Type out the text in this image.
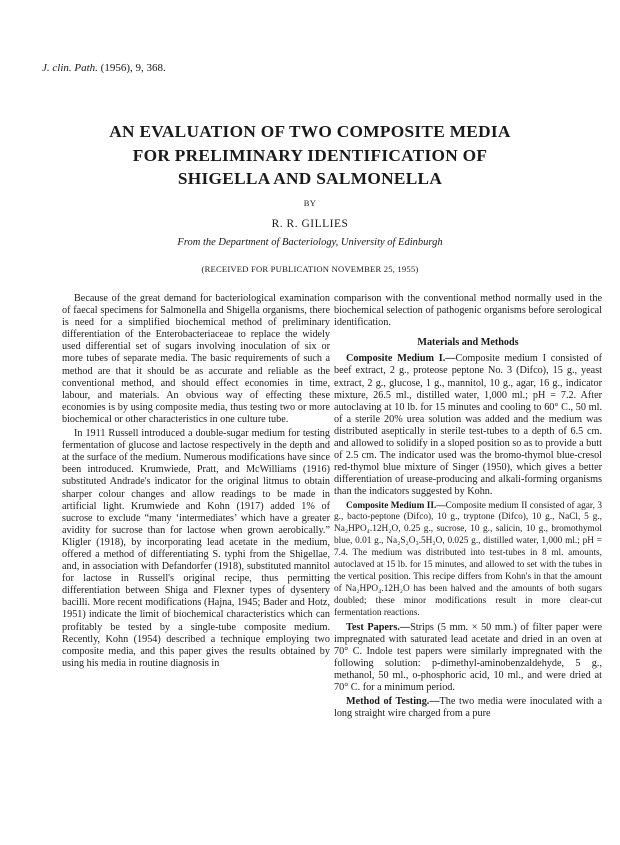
J. clin. Path. (1956), 9, 368.
AN EVALUATION OF TWO COMPOSITE MEDIA
FOR PRELIMINARY IDENTIFICATION OF
SHIGELLA AND SALMONELLA
BY
R. R. GILLIES
From the Department of Bacteriology, University of Edinburgh
(RECEIVED FOR PUBLICATION NOVEMBER 25, 1955)

Because of the great demand for bacteriological examination of faecal specimens for Salmonella and Shigella organisms, there is need for a simplified biochemical method of preliminary differentiation of the Enterobacteriaceae to replace the widely used differential set of sugars involving inoculation of six or more tubes of separate media. The basic requirements of such a method are that it should be as accurate and reliable as the conventional method, and should effect economies in time, labour, and materials. An obvious way of effecting these economies is by using composite media, thus testing two or more biochemical or other characteristics in one culture tube.

In 1911 Russell introduced a double-sugar medium for testing fermentation of glucose and lactose respectively in the depth and at the surface of the medium. Numerous modifications have since been introduced. Krumwiede, Pratt, and McWilliams (1916) substituted Andrade's indicator for the original litmus to obtain sharper colour changes and allow readings to be made in artificial light. Krumwiede and Kohn (1917) added 1% of sucrose to exclude “many ‘intermediates’ which have a greater avidity for sucrose than for lactose when grown aerobically.” Kligler (1918), by incorporating lead acetate in the medium, offered a method of differentiating S. typhi from the Shigellae, and, in association with Defandorfer (1918), substituted mannitol for lactose in Russell's original recipe, thus permitting differentiation between Shiga and Flexner types of dysentery bacilli. More recent modifications (Hajna, 1945; Bader and Hotz, 1951) indicate the limit of biochemical characteristics which can profitably be tested by a single-tube composite medium. Recently, Kohn (1954) described a technique employing two composite media, and this paper gives the results obtained by using his media in routine diagnosis in

comparison with the conventional method normally used in the biochemical selection of pathogenic organisms before serological identification.

Materials and Methods

Composite Medium I.—Composite medium I consisted of beef extract, 2 g., proteose peptone No. 3 (Difco), 15 g., yeast extract, 2 g., glucose, 1 g., mannitol, 10 g., agar, 16 g., indicator mixture, 26.5 ml., distilled water, 1,000 ml.; pH = 7.2. After autoclaving at 10 lb. for 15 minutes and cooling to 60° C., 50 ml. of a sterile 20% urea solution was added and the medium was distributed aseptically in sterile test-tubes to a depth of 6.5 cm. and allowed to solidify in a sloped position so as to provide a butt of 2.5 cm. The indicator used was the bromo-thymol blue-cresol red-thymol blue mixture of Singer (1950), which gives a better differentiation of urease-producing and alkali-forming organisms than the indicators suggested by Kohn.

Composite Medium II.—Composite medium II consisted of agar, 3 g., bacto-peptone (Difco), 10 g., tryptone (Difco), 10 g., NaCl, 5 g., Na₂HPO₄.12H₂O, 0.25 g., sucrose, 10 g., salicin, 10 g., bromothymol blue, 0.01 g., Na₂S₂O₃.5H₂O, 0.025 g., distilled water, 1,000 ml.; pH = 7.4. The medium was distributed into test-tubes in 8 ml. amounts, autoclaved at 15 lb. for 15 minutes, and allowed to set with the tubes in the vertical position. This recipe differs from Kohn's in that the amount of Na₂HPO₄.12H₂O has been halved and the amounts of both sugars doubled; these minor modifications result in more clear-cut fermentation reactions.

Test Papers.—Strips (5 mm. × 50 mm.) of filter paper were impregnated with saturated lead acetate and dried in an oven at 70° C. Indole test papers were similarly impregnated with the following solution: p-dimethyl-aminobenzaldehyde, 5 g., methanol, 50 ml., o-phosphoric acid, 10 ml., and were dried at 70° C. for a minimum period.

Method of Testing.—The two media were inoculated with a long straight wire charged from a pure
